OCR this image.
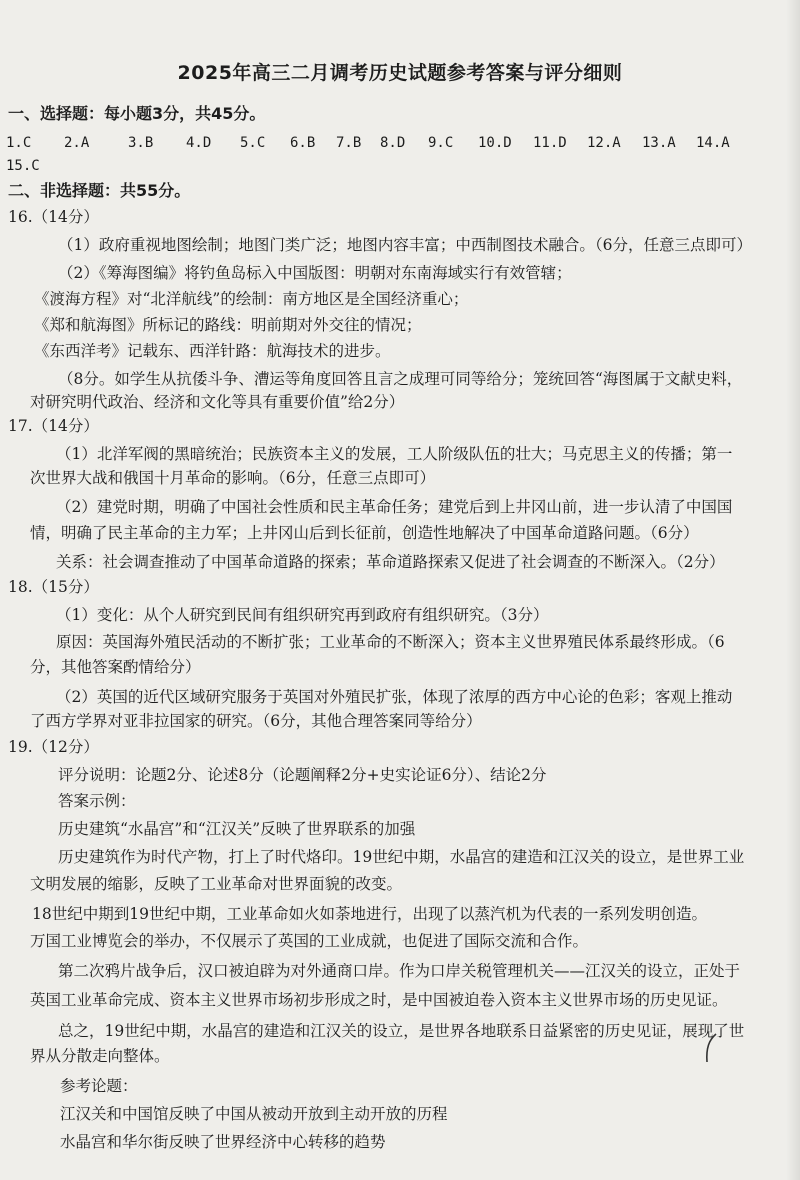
2025年高三二月调考历史试题参考答案与评分细则
一、选择题：每小题3分，共45分。
1.C 2.A	3.B 4.D 5.C 6.B 7.B 8.D 9.C 10.D 11.D 12.A 13.A 14.A
15.C
二、非选择题：共55分。
16.（14分）
（1）政府重视地图绘制；地图门类广泛；地图内容丰富；中西制图技术融合。（6分，任意三点即可）
（2）《筹海图编》将钓鱼岛标入中国版图：明朝对东南海域实行有效管辖；
《渡海方程》对“北洋航线”的绘制：南方地区是全国经济重心；
《郑和航海图》所标记的路线：明前期对外交往的情况；
《东西洋考》记载东、西洋针路：航海技术的进步。
（8分。如学生从抗倭斗争、漕运等角度回答且言之成理可同等给分；笼统回答“海图属于文献史料，
对研究明代政治、经济和文化等具有重要价值”给2分）
17.（14分）
（1）北洋军阀的黑暗统治；民族资本主义的发展，工人阶级队伍的壮大；马克思主义的传播；第一
次世界大战和俄国十月革命的影响。（6分，任意三点即可）
（2）建党时期，明确了中国社会性质和民主革命任务；建党后到上井冈山前，进一步认清了中国国
情，明确了民主革命的主力军；上井冈山后到长征前，创造性地解决了中国革命道路问题。（6分）
关系：社会调查推动了中国革命道路的探索；革命道路探索又促进了社会调查的不断深入。（2分）
18.（15分）
（1）变化：从个人研究到民间有组织研究再到政府有组织研究。（3分）
原因：英国海外殖民活动的不断扩张；工业革命的不断深入；资本主义世界殖民体系最终形成。（6
分，其他答案酌情给分）
（2）英国的近代区域研究服务于英国对外殖民扩张，体现了浓厚的西方中心论的色彩；客观上推动
了西方学界对亚非拉国家的研究。（6分，其他合理答案同等给分）
19.（12分）
评分说明：论题2分、论述8分（论题阐释2分+史实论证6分）、结论2分
答案示例：
历史建筑“水晶宫”和“江汉关”反映了世界联系的加强
历史建筑作为时代产物，打上了时代烙印。19世纪中期，水晶宫的建造和江汉关的设立，是世界工业
文明发展的缩影，反映了工业革命对世界面貌的改变。
18世纪中期到19世纪中期，工业革命如火如荼地进行，出现了以蒸汽机为代表的一系列发明创造。
万国工业博览会的举办，不仅展示了英国的工业成就，也促进了国际交流和合作。
第二次鸦片战争后，汉口被迫辟为对外通商口岸。作为口岸关税管理机关——江汉关的设立，正处于
英国工业革命完成、资本主义世界市场初步形成之时，是中国被迫卷入资本主义世界市场的历史见证。
总之，19世纪中期，水晶宫的建造和江汉关的设立，是世界各地联系日益紧密的历史见证，展现了世
界从分散走向整体。
参考论题：
江汉关和中国馆反映了中国从被动开放到主动开放的历程
水晶宫和华尔街反映了世界经济中心转移的趋势
